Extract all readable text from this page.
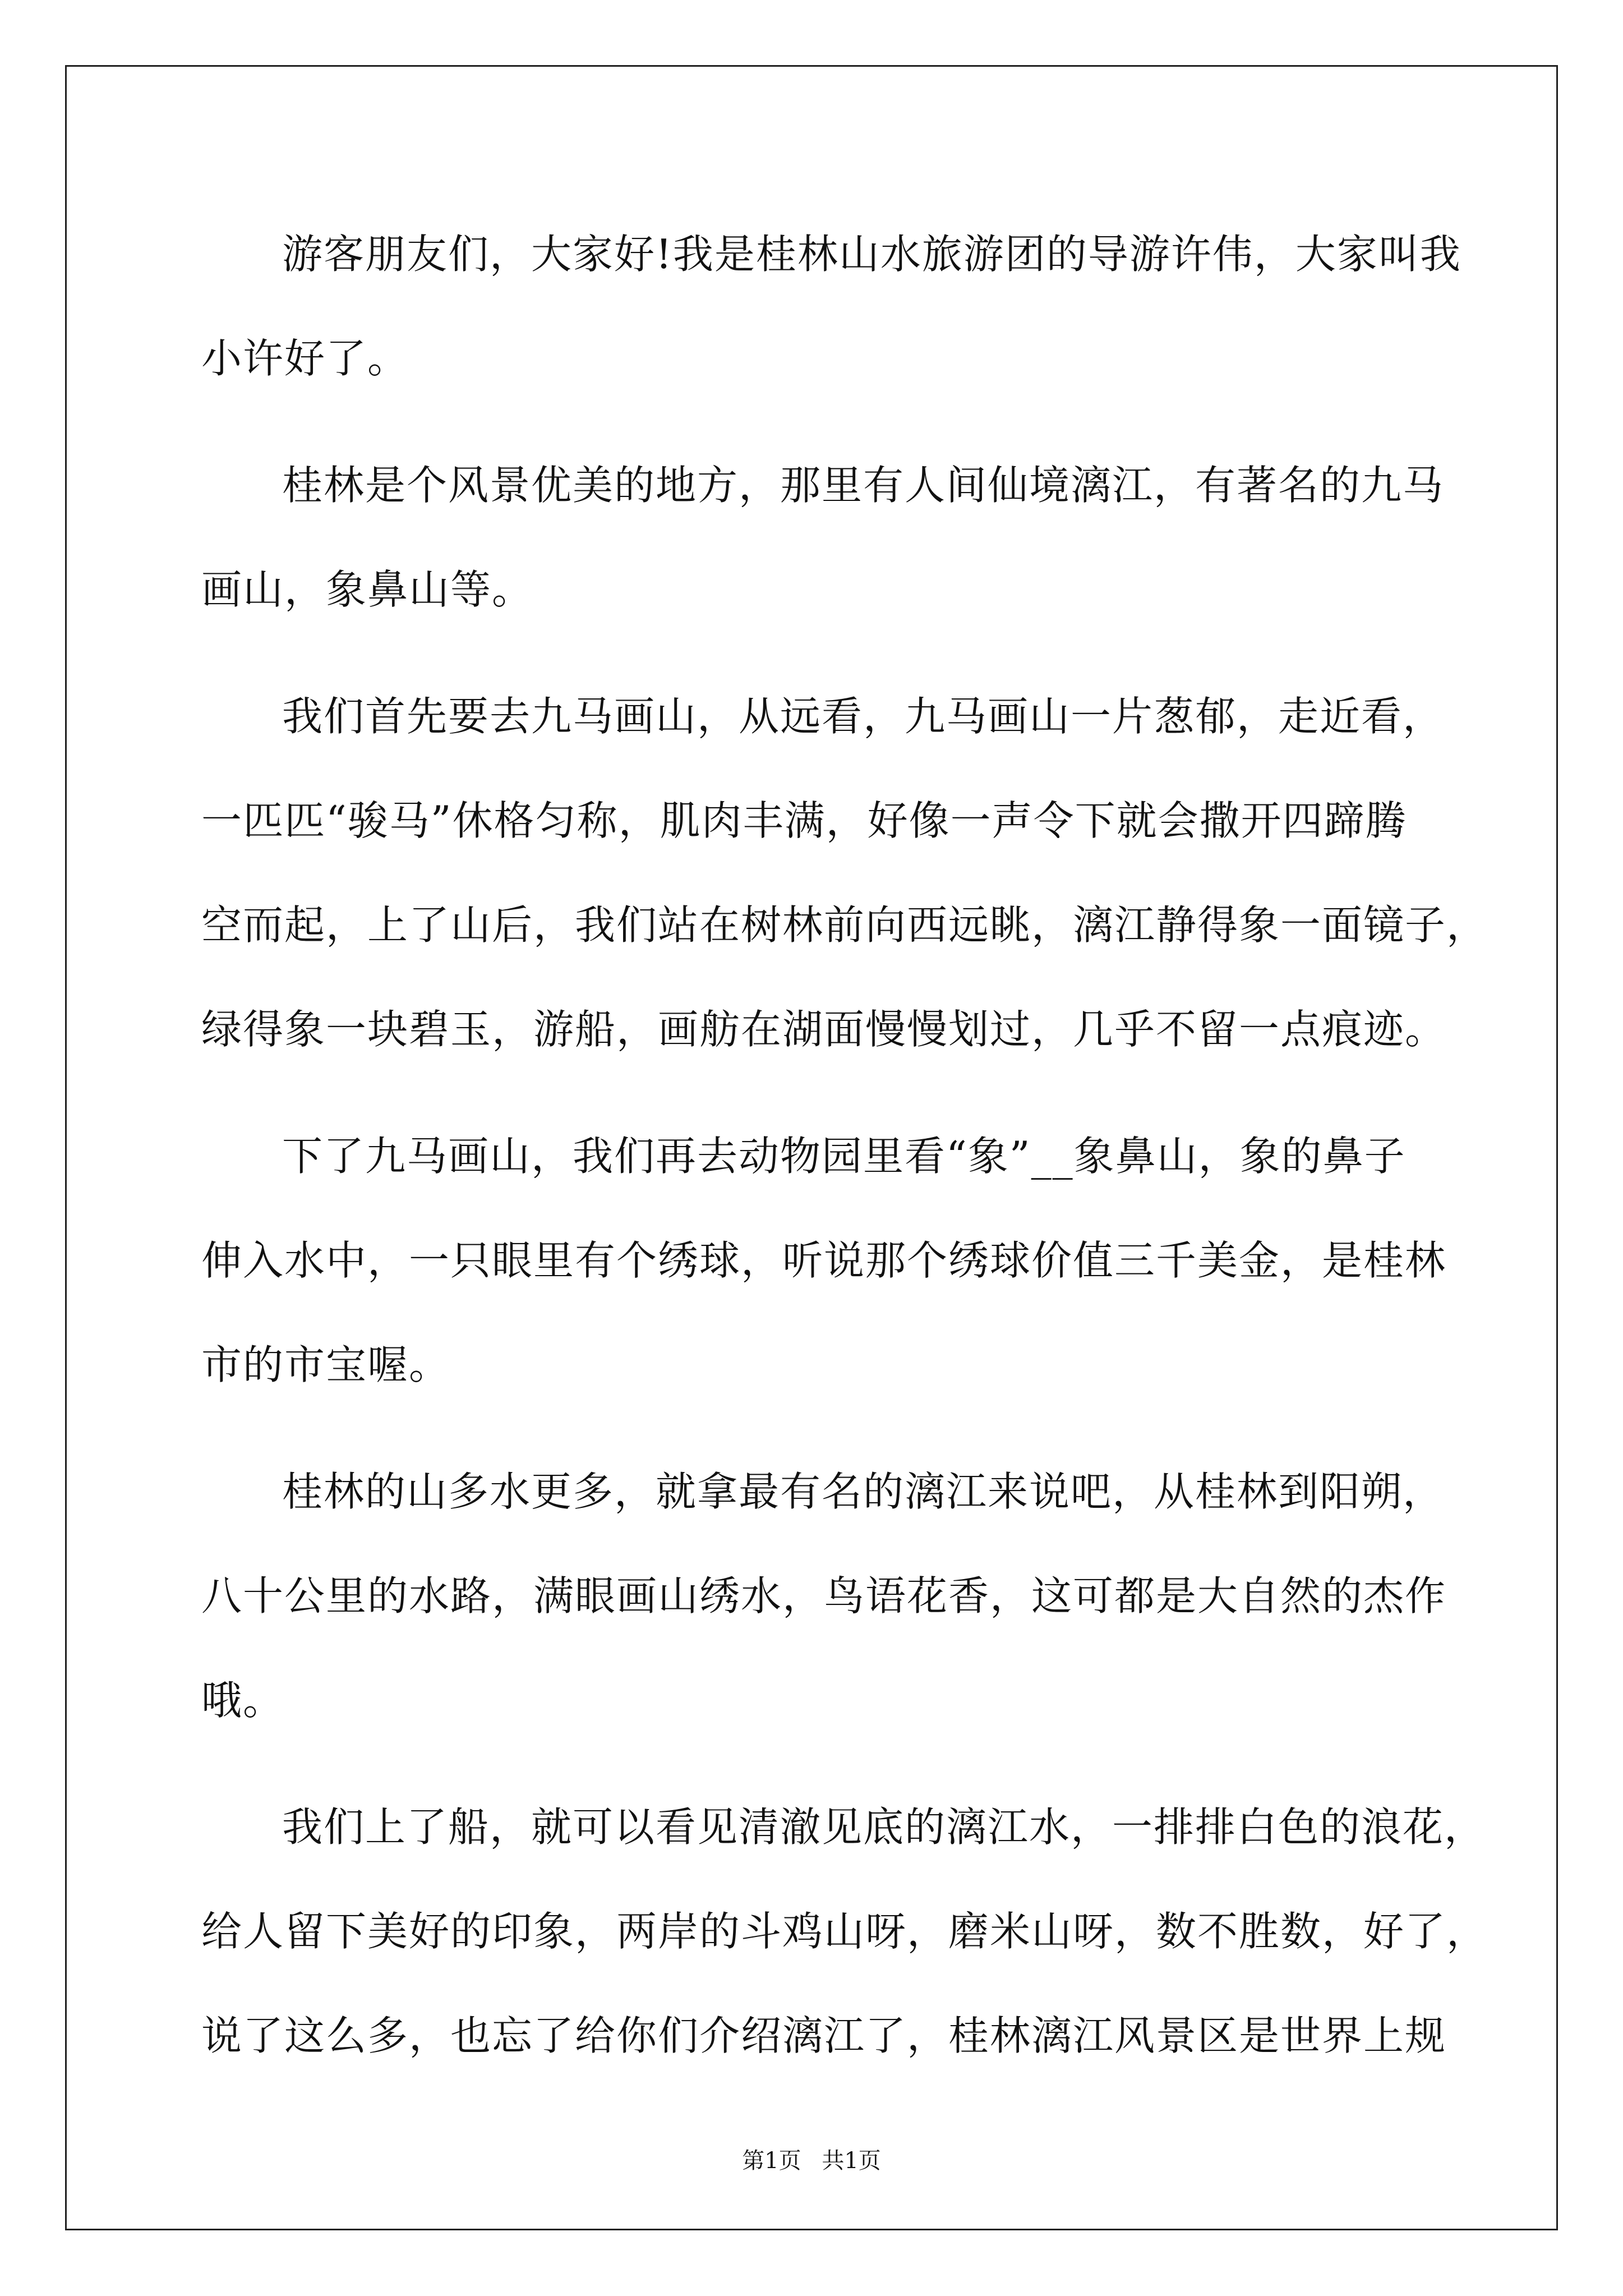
游客朋友们，大家好!我是桂林山水旅游团的导游许伟，大家叫我
小许好了。
桂林是个风景优美的地方，那里有人间仙境漓江，有著名的九马
画山，象鼻山等。
我们首先要去九马画山，从远看，九马画山一片葱郁，走近看，
一匹匹“骏马”休格匀称，肌肉丰满，好像一声令下就会撒开四蹄腾
空而起，上了山后，我们站在树林前向西远眺，漓江静得象一面镜子，
绿得象一块碧玉，游船，画舫在湖面慢慢划过，几乎不留一点痕迹。
下了九马画山，我们再去动物园里看“象”__象鼻山，象的鼻子
伸入水中，一只眼里有个绣球，听说那个绣球价值三千美金，是桂林
市的市宝喔。
桂林的山多水更多，就拿最有名的漓江来说吧，从桂林到阳朔，
八十公里的水路，满眼画山绣水，鸟语花香，这可都是大自然的杰作
哦。
我们上了船，就可以看见清澈见底的漓江水，一排排白色的浪花，
给人留下美好的印象，两岸的斗鸡山呀，磨米山呀，数不胜数，好了，
说了这么多，也忘了给你们介绍漓江了，桂林漓江风景区是世界上规
第1页 共1页
